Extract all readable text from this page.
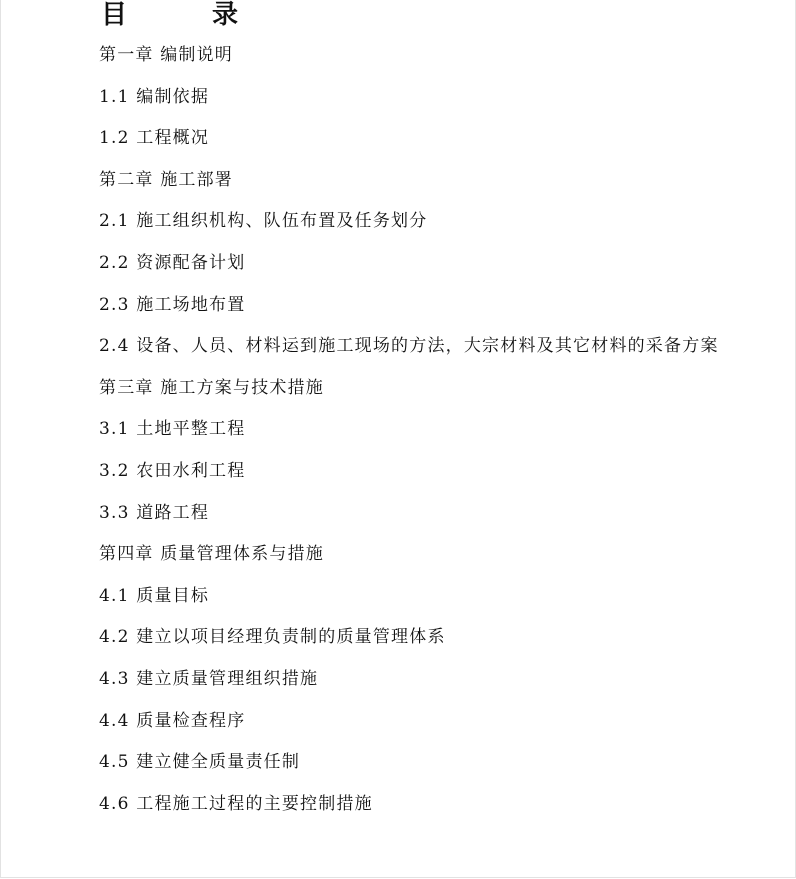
目 录
第一章 编制说明
1.1 编制依据
1.2 工程概况
第二章 施工部署
2.1 施工组织机构、队伍布置及任务划分
2.2 资源配备计划
2.3 施工场地布置
2.4 设备、人员、材料运到施工现场的方法，大宗材料及其它材料的采备方案
第三章 施工方案与技术措施
3.1 土地平整工程
3.2 农田水利工程
3.3 道路工程
第四章 质量管理体系与措施
4.1 质量目标
4.2 建立以项目经理负责制的质量管理体系
4.3 建立质量管理组织措施
4.4 质量检查程序
4.5 建立健全质量责任制
4.6 工程施工过程的主要控制措施
